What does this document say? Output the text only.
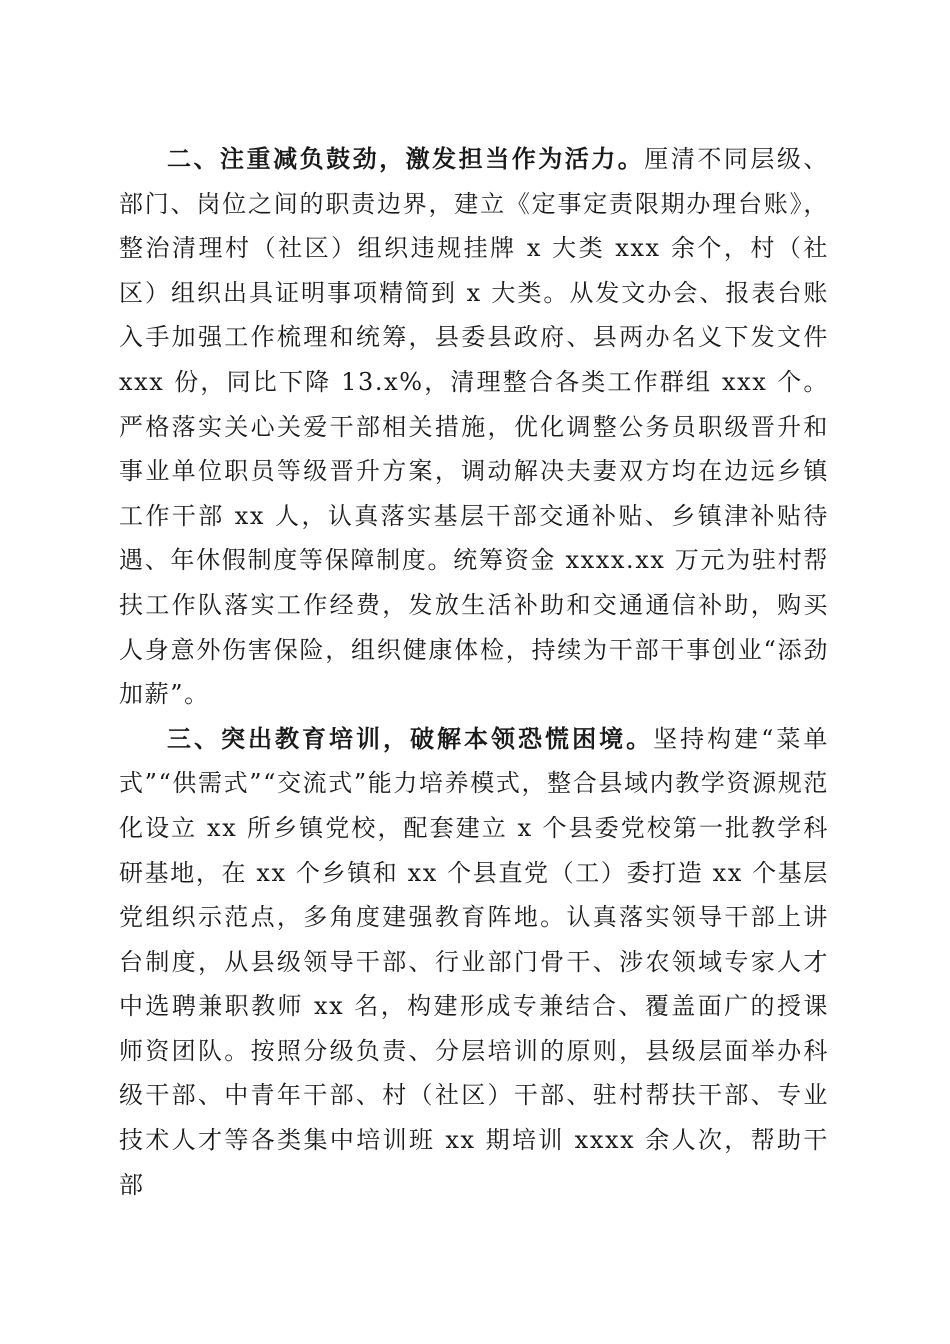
二、注重减负鼓劲，激发担当作为活力。厘清不同层级、部门、岗位之间的职责边界，建立《定事定责限期办理台账》，整治清理村（社区）组织违规挂牌 x 大类 xxx 余个，村（社区）组织出具证明事项精简到 x 大类。从发文办会、报表台账入手加强工作梳理和统筹，县委县政府、县两办名义下发文件 xxx 份，同比下降 13.x%，清理整合各类工作群组 xxx 个。严格落实关心关爱干部相关措施，优化调整公务员职级晋升和事业单位职员等级晋升方案，调动解决夫妻双方均在边远乡镇工作干部 xx 人，认真落实基层干部交通补贴、乡镇津补贴待遇、年休假制度等保障制度。统筹资金 xxxx.xx 万元为驻村帮扶工作队落实工作经费，发放生活补助和交通通信补助，购买人身意外伤害保险，组织健康体检，持续为干部干事创业“添劲加薪”。

三、突出教育培训，破解本领恐慌困境。坚持构建“菜单式”“供需式”“交流式”能力培养模式，整合县域内教学资源规范化设立 xx 所乡镇党校，配套建立 x 个县委党校第一批教学科研基地，在 xx 个乡镇和 xx 个县直党（工）委打造 xx 个基层党组织示范点，多角度建强教育阵地。认真落实领导干部上讲台制度，从县级领导干部、行业部门骨干、涉农领域专家人才中选聘兼职教师 xx 名，构建形成专兼结合、覆盖面广的授课师资团队。按照分级负责、分层培训的原则，县级层面举办科级干部、中青年干部、村（社区）干部、驻村帮扶干部、专业技术人才等各类集中培训班 xx 期培训 xxxx 余人次，帮助干部
